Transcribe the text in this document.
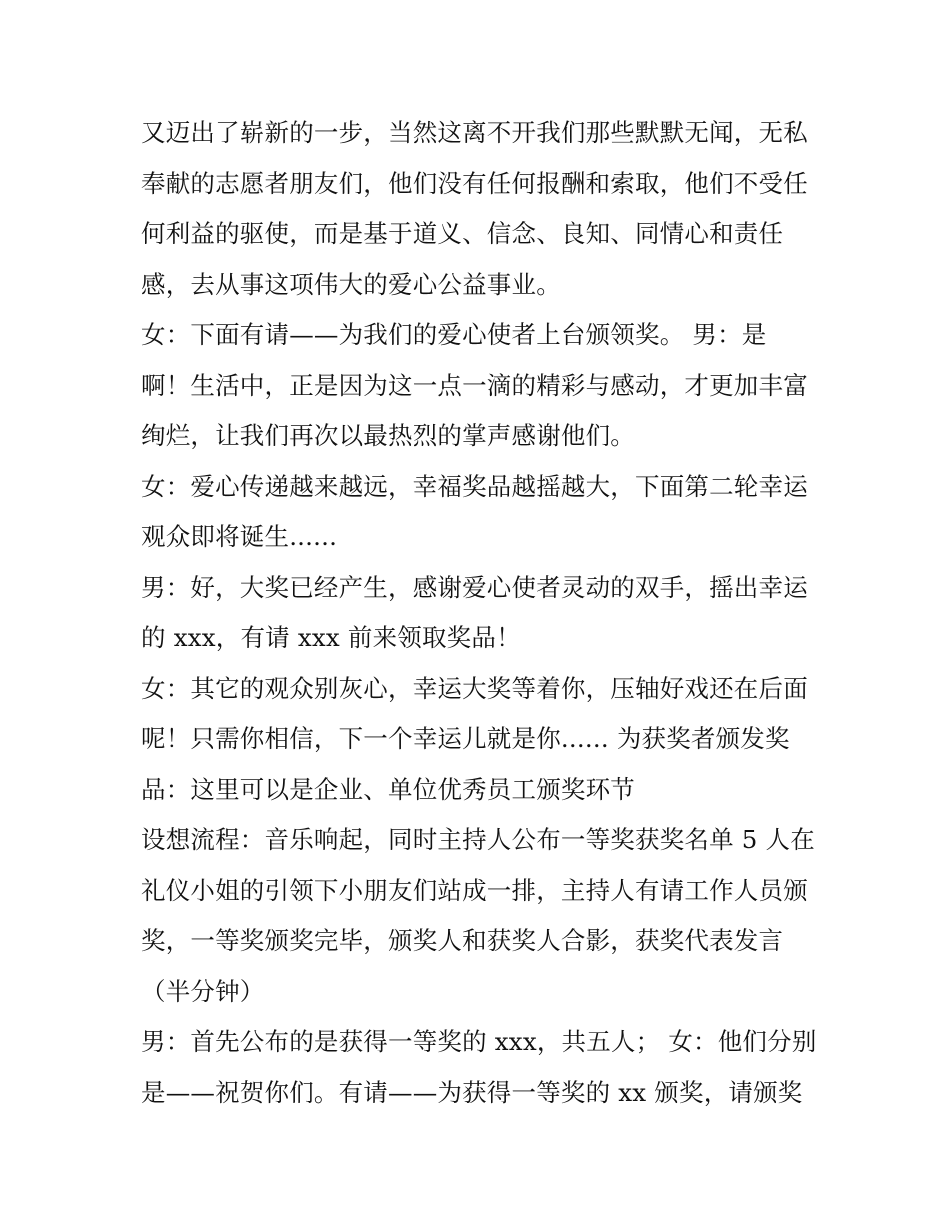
又迈出了崭新的一步，当然这离不开我们那些默默无闻，无私
奉献的志愿者朋友们，他们没有任何报酬和索取，他们不受任
何利益的驱使，而是基于道义、信念、良知、同情心和责任
感，去从事这项伟大的爱心公益事业。
女：下面有请——为我们的爱心使者上台颁领奖。 男：是
啊！生活中，正是因为这一点一滴的精彩与感动，才更加丰富
绚烂，让我们再次以最热烈的掌声感谢他们。
女：爱心传递越来越远，幸福奖品越摇越大，下面第二轮幸运
观众即将诞生......
男：好，大奖已经产生，感谢爱心使者灵动的双手，摇出幸运
的 xxx，有请 xxx 前来领取奖品！
女：其它的观众别灰心，幸运大奖等着你，压轴好戏还在后面
呢！只需你相信，下一个幸运儿就是你...... 为获奖者颁发奖
品：这里可以是企业、单位优秀员工颁奖环节
设想流程：音乐响起，同时主持人公布一等奖获奖名单 5 人在
礼仪小姐的引领下小朋友们站成一排，主持人有请工作人员颁
奖，一等奖颁奖完毕，颁奖人和获奖人合影，获奖代表发言
（半分钟）
男：首先公布的是获得一等奖的 xxx，共五人； 女：他们分别
是——祝贺你们。有请——为获得一等奖的 xx 颁奖，请颁奖
